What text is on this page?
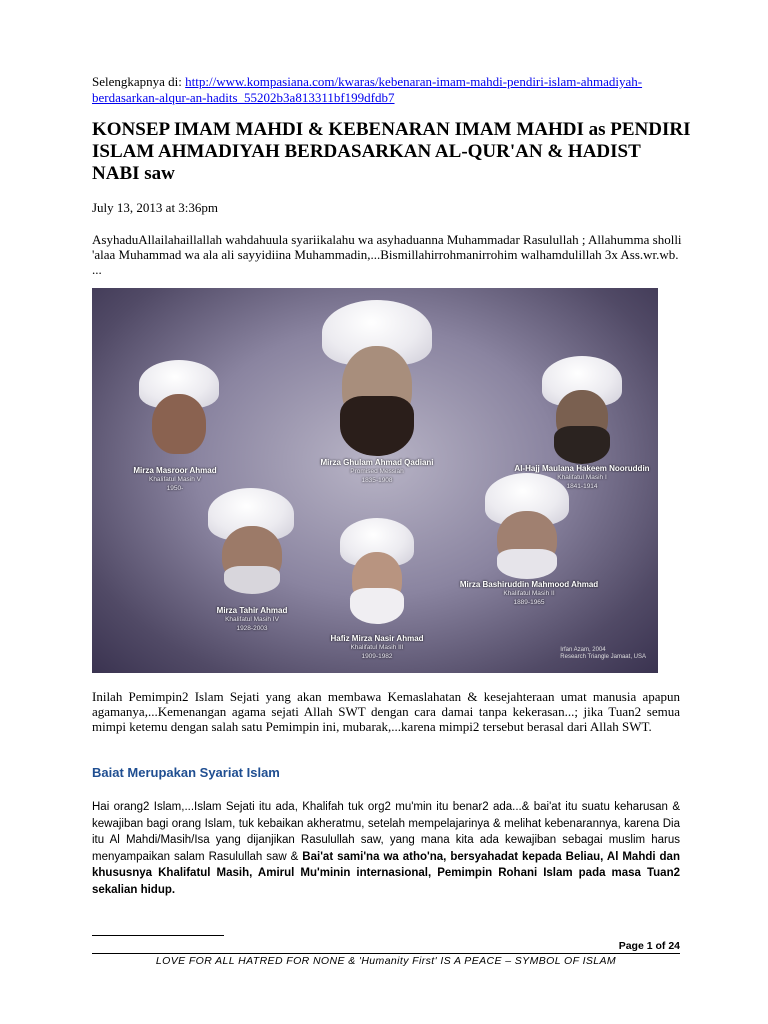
Selengkapnya di: http://www.kompasiana.com/kwaras/kebenaran-imam-mahdi-pendiri-islam-ahmadiyah-berdasarkan-alqur-an-hadits_55202b3a813311bf199dfdb7
KONSEP IMAM MAHDI & KEBENARAN IMAM MAHDI as PENDIRI ISLAM AHMADIYAH BERDASARKAN AL-QUR'AN & HADIST NABI saw
July 13, 2013 at 3:36pm
AsyhaduAllailahaillallah wahdahuula syariikalahu wa asyhaduanna Muhammadar Rasulullah ; Allahumma sholli 'alaa Muhammad wa ala ali sayyidiina Muhammadin,...Bismillahirrohmanirrohim walhamdulillah 3x Ass.wr.wb. ...
Mirza Ghulam Ahmad Qadiani
Promised Messiah
1835-1908
Mirza Masroor Ahmad
Khalifatul Masih V
1950-
Al-Hajj Maulana Hakeem Nooruddin
Khalifatul Masih I
1841-1914
Mirza Tahir Ahmad
Khalifatul Masih IV
1928-2003
Hafiz Mirza Nasir Ahmad
Khalifatul Masih III
1909-1982
Mirza Bashiruddin Mahmood Ahmad
Khalifatul Masih II
1889-1965
Irfan Azam, 2004
Research Triangle Jamaat, USA

Inilah Pemimpin2 Islam Sejati yang akan membawa Kemaslahatan & kesejahteraan umat manusia apapun agamanya,...Kemenangan agama sejati Allah SWT dengan cara damai tanpa kekerasan...; jika Tuan2 semua mimpi ketemu dengan salah satu Pemimpin ini, mubarak,...karena mimpi2 tersebut berasal dari Allah SWT.

Baiat Merupakan Syariat Islam

Hai orang2 Islam,...Islam Sejati itu ada, Khalifah tuk org2 mu'min itu benar2 ada...& bai'at itu suatu keharusan & kewajiban bagi orang Islam, tuk kebaikan akheratmu, setelah mempelajarinya & melihat kebenarannya, karena Dia itu Al Mahdi/Masih/Isa yang dijanjikan Rasulullah saw, yang mana kita ada kewajiban sebagai muslim harus menyampaikan salam Rasulullah saw & Bai'at sami'na wa atho'na, bersyahadat kepada Beliau, Al Mahdi dan khususnya Khalifatul Masih, Amirul Mu'minin internasional, Pemimpin Rohani Islam pada masa Tuan2 sekalian hidup.

Page 1 of 24
LOVE FOR ALL HATRED FOR NONE & 'Humanity First' IS A PEACE – SYMBOL OF ISLAM
